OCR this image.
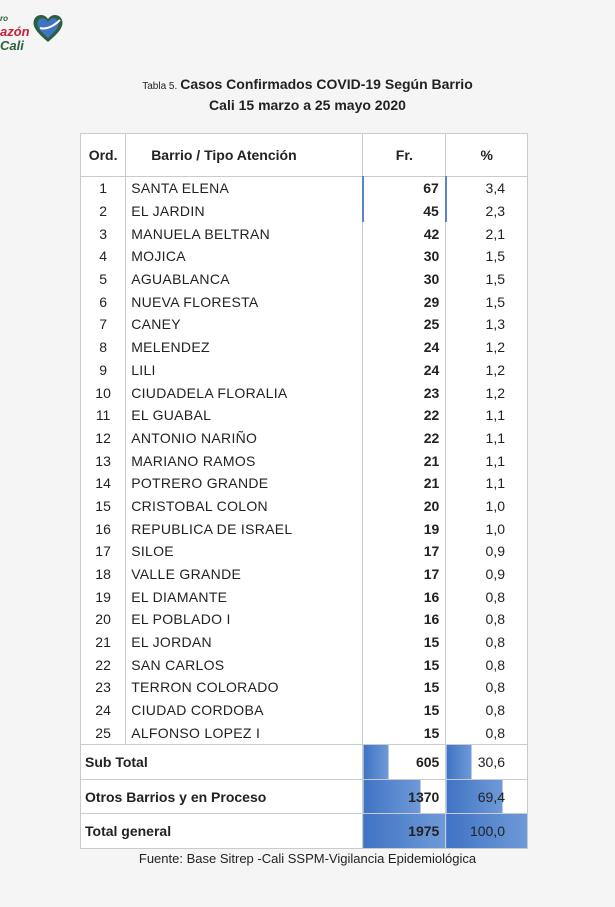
ro
azón
Cali
Tabla 5. Casos Confirmados COVID-19 Según Barrio
Cali 15 marzo a 25 mayo 2020
Ord.	Barrio / Tipo Atención	Fr.	%
1	SANTA ELENA	67	3,4
2	EL JARDIN	45	2,3
3	MANUELA BELTRAN	42	2,1
4	MOJICA	30	1,5
5	AGUABLANCA	30	1,5
6	NUEVA FLORESTA	29	1,5
7	CANEY	25	1,3
8	MELENDEZ	24	1,2
9	LILI	24	1,2
10	CIUDADELA FLORALIA	23	1,2
11	EL GUABAL	22	1,1
12	ANTONIO NARIÑO	22	1,1
13	MARIANO RAMOS	21	1,1
14	POTRERO GRANDE	21	1,1
15	CRISTOBAL COLON	20	1,0
16	REPUBLICA DE ISRAEL	19	1,0
17	SILOE	17	0,9
18	VALLE GRANDE	17	0,9
19	EL DIAMANTE	16	0,8
20	EL POBLADO I	16	0,8
21	EL JORDAN	15	0,8
22	SAN CARLOS	15	0,8
23	TERRON COLORADO	15	0,8
24	CIUDAD CORDOBA	15	0,8
25	ALFONSO LOPEZ I	15	0,8
Sub Total		605	30,6
Otros Barrios y en Proceso		1370	69,4
Total general		1975	100,0
Fuente: Base Sitrep -Cali SSPM-Vigilancia Epidemiológica
